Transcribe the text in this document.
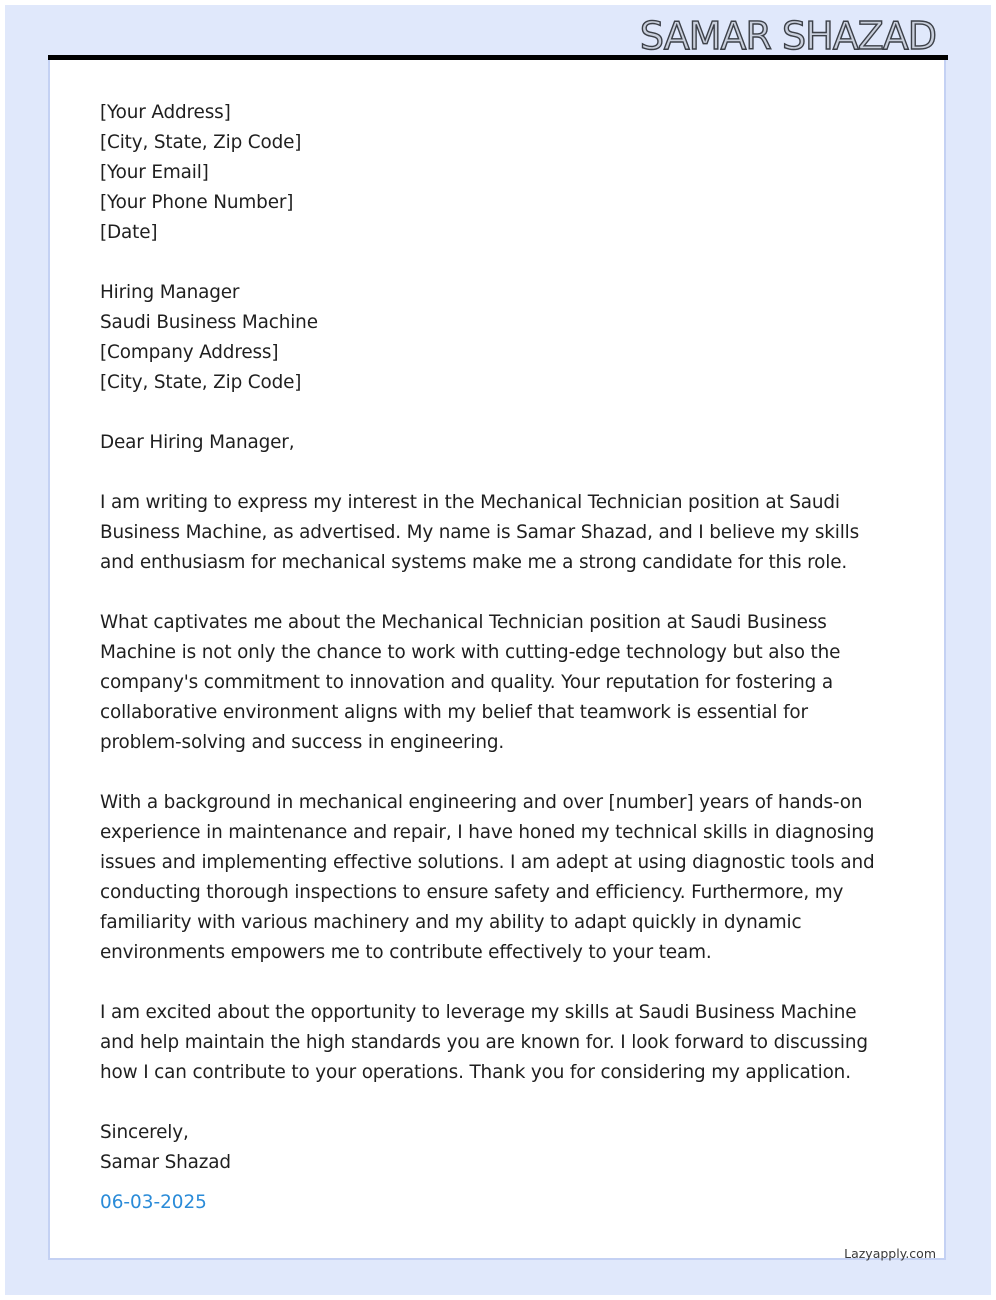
SAMAR SHAZAD
[Your Address]
[City, State, Zip Code]
[Your Email]
[Your Phone Number]
[Date]
Hiring Manager
Saudi Business Machine
[Company Address]
[City, State, Zip Code]
Dear Hiring Manager,
I am writing to express my interest in the Mechanical Technician position at Saudi Business Machine, as advertised. My name is Samar Shazad, and I believe my skills and enthusiasm for mechanical systems make me a strong candidate for this role.
What captivates me about the Mechanical Technician position at Saudi Business Machine is not only the chance to work with cutting-edge technology but also the company's commitment to innovation and quality. Your reputation for fostering a collaborative environment aligns with my belief that teamwork is essential for problem-solving and success in engineering.
With a background in mechanical engineering and over [number] years of hands-on experience in maintenance and repair, I have honed my technical skills in diagnosing issues and implementing effective solutions. I am adept at using diagnostic tools and conducting thorough inspections to ensure safety and efficiency. Furthermore, my familiarity with various machinery and my ability to adapt quickly in dynamic environments empowers me to contribute effectively to your team.
I am excited about the opportunity to leverage my skills at Saudi Business Machine and help maintain the high standards you are known for. I look forward to discussing how I can contribute to your operations. Thank you for considering my application.
Sincerely,
Samar Shazad
06-03-2025
Lazyapply.com
